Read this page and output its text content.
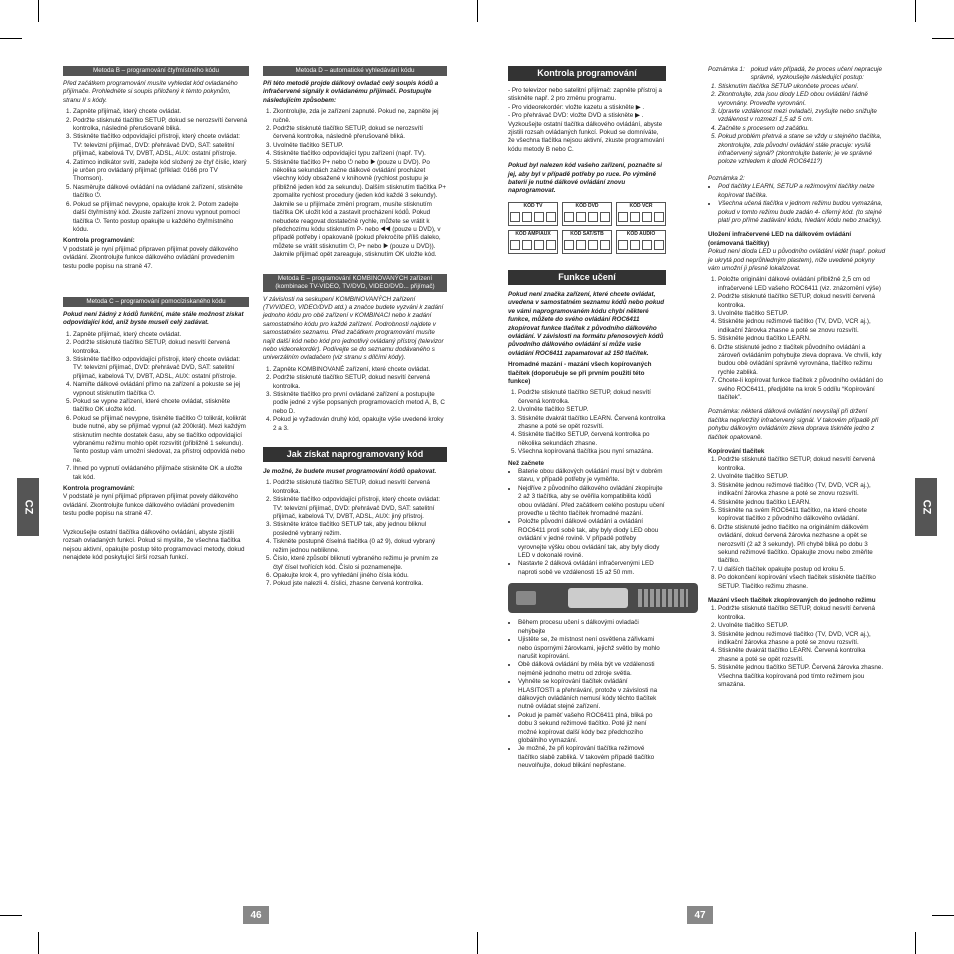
CZ	CZ
46	47
Metoda B – programování čtyřmístného kódu

Před začátkem programování musíte vyhledat kód ovladaného přijímače. Prohledněte si soupis přiložený k tėmto pokynům, stranu II s kódy.

1. Zapněte přijímač, který chcete ovládat.
2. Podržte stisknuté tlačítko SETUP, dokud se nerozsvítí červená kontrolka, následně přerušovaně bliká.
3. Stiskněte tlačítko odpovídající přístroji, který chcete ovládat: TV: televizní přijímač, DVD: přehrávač DVD, SAT: satelitní přijímač, kabelová TV, DVBT, ADSL, AUX: ostatní přístroje.
4. Zatímco indikátor svítí, zadejte kód složený ze čtyř číslic, který je určen pro ovládaný přijímač (příklad: 0166 pro TV Thomson).
5. Nasměrujte dálkové ovládání na ovládané zařízení, stiskněte tlačítko ⏻.
6. Pokud se přijímač nevypne, opakujte krok 2. Potom zadejte další čtyřmístný kód. Zkuste zařízení znovu vypnout pomocí tlačítka ⏻. Tento postup opakujte u každého čtyřmístného kódu.

Kontrola programování:
V podstatě je nyní přijímač připraven přijímat povely dálkového ovládání. Zkontrolujte funkce dálkového ovládání provedením testu podle popisu na straně 47.

Metoda C – programování pomocíziskaného kódu

Pokud není žádný z kódů funkční, máte stále možnost získat odpovídající kód, aniž byste museli celý zadávat.

1. Zapněte přijímač, který chcete ovládat.
2. Podržte stisknuté tlačítko SETUP, dokud nesvítí červená kontrolka.
3. Stiskněte tlačítko odpovídající přístroji, který chcete ovládat: TV: televizní přijímač, DVD: přehrávač DVD, SAT: satelitní přijímač, kabelová TV, DVBT, ADSL, AUX: ostatní přístroje.
4. Namiřte dálkové ovládání přímo na zařízení a pokuste se jej vypnout stisknutím tlačítka ⏻.
5. Pokud se vypne zařízení, které chcete ovládat, stiskněte tlačítko OK uložte kód.
6. Pokud se přijímač nevypne, tiskněte tlačítko ⏻ tolikrát, kolikrát bude nutné, aby se přijímač vypnul (až 200krát). Mezi každým stisknutím nechte dostatek času, aby se tlačítko odpovídající vybranému režimu mohlo opět rozsvítit (přibližně 1 sekundu). Tento postup vám umožní sledovat, za přístroj odpovídá nebo ne.
7. Ihned po vypnutí ovládaného přijímače stiskněte OK a uložte tak kód.

Kontrola programování:
V podstatě je nyní přijímač připraven přijímat povely dálkového ovládání. Zkontrolujte funkce dálkového ovládání provedením testu podle popisu na straně 47.

Vyzkoušejte ostatní tlačítka dálkového ovládání, abyste zjistili rozsah ovladaných funkcí. Pokud si myslíte, že všechna tlačítka nejsou aktivní, opakujte postup této programovací metody, dokud nenajdete kód poskytující širší rozsah funkcí.

Metoda D – automatické vyhledávání kódu

Při této metodě projde dálkový ovladač celý soupis kódů a infračervené signály k ovládanému přijímači. Postupujte následujícím způsobem:

1. Zkontrolujte, zda je zařízení zapnuté. Pokud ne, zapněte jej ručně.
2. Podržte stisknuté tlačítko SETUP, dokud se nerozsvítí červená kontrolka, následně přerušovaně bliká.
3. Uvolněte tlačítko SETUP.
4. Stiskněte tlačítko odpovídající typu zařízení (např. TV).
5. Stiskněte tlačítko P+ nebo ⏻ nebo ▶ (pouze u DVD). Po několika sekundách začne dálkové ovládání procházet všechny kódy obsažené v knihovně (rychlost postupu je přibližně jeden kód za sekundu). Dalším stisknutím tlačítka P+ zpomalíte rychlost procedury (jeden kód každé 3 sekundy). Jakmile se u přijímače změní program, musíte stisknutím tlačítka OK uložit kód a zastavit procházení kódů. Pokud nebudete reagovat dostatečně rychle, můžete se vrátit k předchozímu kódu stisknutím P- nebo ◀◀ (pouze u DVD), v případě potřeby i opakovaně (pokud překročíte příliš daleko, můžete se vrátit stisknutím ⏻, P+ nebo ▶ (pouze u DVD)). Jakmile přijímač opět zareaguje, stisknutím OK uložte kód.
Metoda E – programování KOMBINOVANÝCH zařízení (kombinace TV-VIDEO, TV/DVD, VIDEO/DVD... přijímač)

V závislosti na seskupení KOMBINOVANÝCH zařízení (TV/VIDEO, VIDEO/DVD atd.) a značce budete vyzváni k zadání jednoho kódu pro obě zařízení v KOMBINACI nebo k zadání samostatného kódu pro každé zařízení. Podrobnosti najdete v samostatném seznamu. Před začátkem programování musíte najít další kód nebo kód pro jednotlivý ovládaný přístroj (televizor nebo videorekordér). Podívejte se do seznamu dodávaného s univerzálním ovladačem (viz stranu s dílčími kódy).

1. Zapněte KOMBINOVANÉ zařízení, které chcete ovládat.
2. Podržte stisknuté tlačítko SETUP, dokud nesvítí červená kontrolka.
3. Stiskněte tlačítko pro první ovládané zařízení a postupujte podle jedné z výše popsaných programovacích metod A, B, C nebo D.
4. Pokud je vyžadován druhý kód, opakujte výše uvedené kroky 2 a 3.
Jak získat naprogramovaný kód

Je možné, že budete muset programování kódů opakovat.

1. Podržte stisknuté tlačítko SETUP, dokud nesvítí červená kontrolka.
2. Stiskněte tlačítko odpovídající přístroji, který chcete ovládat: TV: televizní přijímač, DVD: přehrávač DVD, SAT: satelitní přijímač, kabelová TV, DVBT, ADSL, AUX: jiný přístroj.
3. Stiskněte krátce tlačítko SETUP tak, aby jednou bliknul posledně vybraný režim.
4. Tiskněte postupně číselná tlačítka (0 až 9), dokud vybraný režim jednou nebliknne.
5. Číslo, které způsobí bliknutí vybraného režimu je prvním ze čtyř čísel tvořících kód. Číslo si poznamenejte.
6. Opakujte krok 4, pro vyhledání jiného čísla kódu.
7. Pokud jste nalezli 4. číslici, zhasne červená kontrolka.
Kontrola programování
- Pro televizor nebo satelitní přijímač: zapněte přístroj a stiskněte např. 2 pro změnu programu.
- Pro videorekordér: vložte kazetu a stiskněte ▶ .
- Pro přehrávač DVD: vložte DVD a stiskněte ▶ .

Vyzkoušejte ostatní tlačítka dálkového ovládání, abyste zjistili rozsah ovládaných funkcí. Pokud se domníváte, že všechna tlačítka nejsou aktivní, zkuste programování kódu metody B nebo C.

Pokud byl nalezen kód vašeho zařízení, poznačte si jej, aby byl v případě potřeby po ruce. Po výměně baterií je nutné dálkové ovládání znovu naprogramovat.

KÓD TV	KÓD DVD	KÓD VCR
KÓD AMP/AUX	KÓD SAT/STB	KÓD AUDIO
Funkce učení

Pokud není značka zařízení, které chcete ovládat, uvedena v samostatném seznamu kódů nebo pokud ve vámi naprogramovaném kódu chybí některé funkce, můžete do svého ovládání ROC6411 zkopírovat funkce tlačítek z původního dálkového ovládání. V závislosti na formátu přenosových kódů původního dálkového ovládání si může vaše ovládání ROC6411 zapamatovat až 150 tlačítek.

Hromadné mazání - mazání všech kopírovaných tlačítek (doporučuje se při prvním použití této funkce)

1. Podržte stisknuté tlačítko SETUP, dokud nesvítí červená kontrolka.
2. Uvolněte tlačítko SETUP.
3. Stiskněte dvakrát tlačítko LEARN. Červená kontrolka zhasne a poté se opět rozsvítí.
4. Stiskněte tlačítko SETUP, červená kontrolka po několika sekundách zhasne.
5. Všechna kopírovaná tlačítka jsou nyní smazána.

Než začnete

• Baterie obou dálkových ovládání musí být v dobrém stavu, v případě potřeby je vyměňte.
• Nejdříve z původního dálkového ovládání zkopírujte 2 až 3 tlačítka, aby se ověřila kompatibilita kódů obou ovládání. Před začátkem celého postupu učení proveďte u těchto tlačítek hromadné mazání.
• Položte původní dálkové ovládání a ovládání ROC6411 proti sobě tak, aby byly diody LED obou ovládání v jedné rovině. V případě potřeby vyrovnejte výšku obou ovládání tak, aby byly diody LED v dokonalé rovině.
• Nastavte 2 dálková ovládání infračervenými LED naproti sobě ve vzdálenosti 15 až 50 mm.
• Během procesu učení s dálkovými ovladači nehýbejte
• Ujistěte se, že místnost není osvětlena zářivkami nebo úspornými žárovkami, jejichž světlo by mohlo narušit kopírování.
• Obě dálková ovládání by měla být ve vzdálenosti nejméně jednoho metru od zdroje světla.
• Vyhněte se kopírování tlačítek ovládání HLASITOSTI a přehrávání, protože v závislosti na dálkových ovládáních nemusí kódy těchto tlačítek nutně ovládat stejné zařízení.
• Pokud je paměť vašeho ROC6411 plná, bliká po dobu 3 sekund režimové tlačítko. Poté již není možné kopírovat další kódy bez předchozího globálního vymazání.
• Je možné, že při kopírování tlačítka režimové tlačítko slabě zabliká. V takovém případě tlačítko neuvolňujte, dokud blikání nepřestane.
Poznámka 1: pokud vám případá, že proces učení nepracuje správně, vyzkoušejte následující postup:
1. Stisknutím tlačítka SETUP ukončete proces učení.
2. Zkontrolujte, zda jsou diody LED obou ovládání řádně vyrovnány. Proveďte vyrovnání.
3. Upravte vzdálenost mezi ovladači, zvyšujte nebo snižujte vzdálenost v rozmezí 1,5 až 5 cm.
4. Začněte s procesem od začátku.
5. Pokud problém přetrvá a stane se vždy u stejného tlačítka, zkontrolujte, zda původní ovládání stále pracuje: vysílá infračervený signál? (zkontrolujte baterie; je ve správné poloze vzhledem k diodě ROC6411?)

Poznámka 2:

• Pod tlačítky LEARN, SETUP a režimovými tlačítky nelze kopírovat tlačítka.
• Všechna učená tlačítka v jednom režimu budou vymazána, pokud v tomto režimu bude zadán 4- ciferný kód. (to stejné platí pro přímé zadávání kódu, hledání kódu nebo značky).

Uložení infračervené LED na dálkovém ovládání (orámovaná tlačítky)

Pokud není dioda LED u původního ovládání vidět (např. pokud je ukrytá pod neprůhledným plastem), níže uvedené pokyny vám umožní ji přesně lokalizovat.

1. Položte originální dálkové ovládání přibližně 2,5 cm od infračervené LED vašeho ROC6411 (viz. znázornění výše)
2. Podržte stisknuté tlačítko SETUP, dokud nesvítí červená kontrolka.
3. Uvolněte tlačítko SETUP.
4. Stiskněte jednou režimové tlačítko (TV, DVD, VCR aj.), indikační žárovka zhasne a poté se znovu rozsvítí.
5. Stiskněte jednou tlačítko LEARN.
6. Držte stisknuté jedno z tlačítek původního ovládání a zároveň ovládáním pohybujte zleva doprava. Ve chvíli, kdy budou obě ovládání správně vyrovnána, tlačítko režimu rychle zabliká.
7. Chcete-li kopírovat funkce tlačítek z původního ovládání do svého ROC6411, předjděte na krok 5 oddílu “Kopírování tlačítek”.

Poznámka: některá dálková ovládání nevysílají při držení tlačítka nepřetržitý infračervený signál. V takovém případě při pohybu dálkovým ovládáním zleva doprava tiskněte jedno z tlačítek opakovaně.

Kopírování tlačítek

1. Podržte stisknuté tlačítko SETUP, dokud nesvítí červená kontrolka.
2. Uvolněte tlačítko SETUP.
3. Stiskněte jednou režimové tlačítko (TV, DVD, VCR aj.), indikační žárovka zhasne a poté se znovu rozsvítí.
4. Stiskněte jednou tlačítko LEARN.
5. Stiskněte na svém ROC6411 tlačítko, na které chcete kopírovat tlačítko z původního dálkového ovládání.
6. Držte stisknuté jedno tlačítko na originálním dálkovém ovládání, dokud červená žárovka nezhasne a opět se nerozsvítí (2 až 3 sekundy). Při chybě bliká po dobu 3 sekund režimové tlačítko. Opakujte znovu nebo změňte tlačítko.
7. U dalších tlačítek opakujte postup od kroku 5.
8. Po dokončení kopírování všech tlačítek stiskněte tlačítko SETUP. Tlačítko režimu zhasne.

Mazání všech tlačítek zkopírovaných do jednoho režimu

1. Podržte stisknuté tlačítko SETUP, dokud nesvítí červená kontrolka.
2. Uvolněte tlačítko SETUP.
3. Stiskněte jednou režimové tlačítko (TV, DVD, VCR aj.), indikační žárovka zhasne a poté se znovu rozsvítí.
4. Stiskněte dvakrát tlačítko LEARN. Červená kontrolka zhasne a poté se opět rozsvítí.
5. Stiskněte jednou tlačítko SETUP. Červená žárovka zhasne. Všechna tlačítka kopírovaná pod tímto režimem jsou smazána.
